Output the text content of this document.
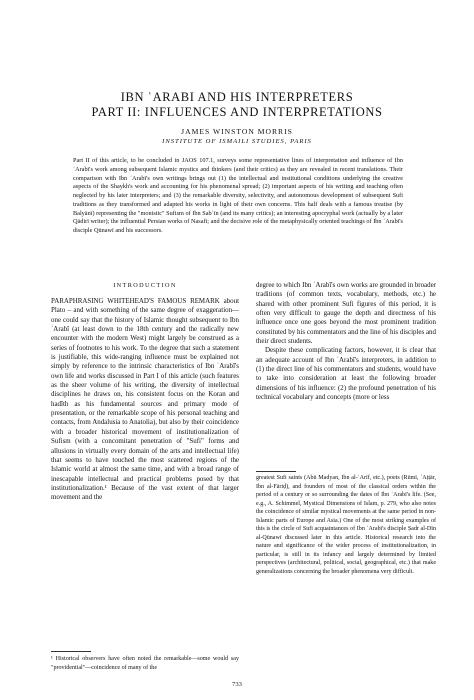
IBN ʿARABI AND HIS INTERPRETERS
PART II: INFLUENCES AND INTERPRETATIONS
JAMES WINSTON MORRIS
INSTITUTE OF ISMAILI STUDIES, PARIS

Part II of this article, to be concluded in JAOS 107.1, surveys some representative lines of interpretation and influence of Ibn ʿArabī's work among subsequent Islamic mystics and thinkers (and their critics) as they are revealed in recent translations. Their comparison with Ibn ʿArabī's own writings brings out (1) the intellectual and institutional conditions underlying the creative aspects of the Shaykh's work and accounting for his phenomenal spread; (2) important aspects of his writing and teaching often neglected by his later interpreters; and (3) the remarkable diversity, selectivity, and autonomous development of subsequent Sufi traditions as they transformed and adapted his works in light of their own concerns. This half deals with a famous treatise (by Balyānī) representing the "monistic" Sufism of Ibn Sabʿīn (and its many critics); an interesting apocryphal work (actually by a later Qādirī writer); the influential Persian works of Nasafī; and the decisive role of the metaphysically oriented teachings of Ibn ʿArabī's disciple Qūnawī and his successors.

INTRODUCTION

PARAPHRASING WHITEHEAD'S FAMOUS REMARK about Plato – and with something of the same degree of exaggeration—one could say that the history of Islamic thought subsequent to Ibn ʿArabī (at least down to the 18th century and the radically new encounter with the modern West) might largely be construed as a series of footnotes to his work. To the degree that such a statement is justifiable, this wide-ranging influence must be explained not simply by reference to the intrinsic characteristics of Ibn ʿArabī's own life and works discussed in Part I of this article (such features as the sheer volume of his writing, the diversity of intellectual disciplines he draws on, his consistent focus on the Koran and hadīth as his fundamental sources and primary mode of presentation, or the remarkable scope of his personal teaching and contacts, from Andalusia to Anatolia), but also by their coincidence with a broader historical movement of institutionalization of Sufism (with a concomitant penetration of "Sufi" forms and allusions in virtually every domain of the arts and intellectual life) that seems to have touched the most scattered regions of the Islamic world at almost the same time, and with a broad range of inescapable intellectual and practical problems posed by that institutionalization.¹ Because of the vast extent of that larger movement and the

degree to which Ibn ʿArabī's own works are grounded in broader traditions (of common texts, vocabulary, methods, etc.) he shared with other prominent Sufi figures of this period, it is often very difficult to gauge the depth and directness of his influence once one goes beyond the most prominent tradition constituted by his commentators and the line of his disciples and their direct students.

Despite these complicating factors, however, it is clear that an adequate account of Ibn ʿArabī's interpreters, in addition to (1) the direct line of his commentators and students, would have to take into consideration at least the following broader dimensions of his influence: (2) the profound penetration of his technical vocabulary and concepts (more or less

greatest Sufi saints (Abū Madyan, Ibn al-ʿArīf, etc.), poets (Rūmī, ʿAṭṭār, Ibn al-Fāriḍ), and founders of most of the classical orders within the period of a century or so surrounding the dates of Ibn ʿArabī's life. (See, e.g., A. Schimmel, Mystical Dimensions of Islam, p. 279, who also notes the coincidence of similar mystical movements at the same period in non-Islamic parts of Europe and Asia.) One of the most striking examples of this is the circle of Sufi acquaintances of Ibn ʿArabī's disciple Ṣadr al-Dīn al-Qūnawī discussed later in this article. Historical research into the nature and significance of the wider process of institutionalization, in particular, is still in its infancy and largely determined by limited perspectives (architectural, political, social, geographical, etc.) that make generalizations concerning the broader phenomena very difficult.

¹ Historical observers have often noted the remarkable—some would say "providential"—coincidence of many of the

733
